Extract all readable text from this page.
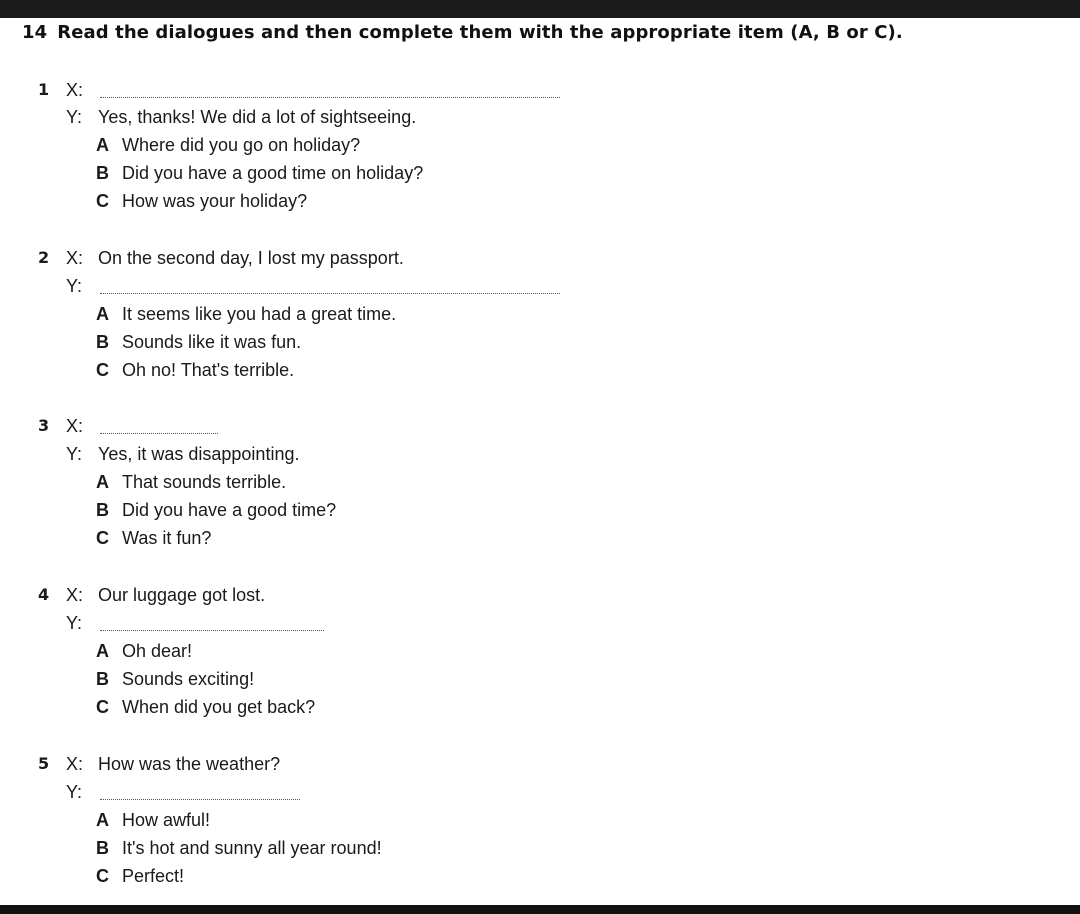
14 Read the dialogues and then complete them with the appropriate item (A, B or C).
1 X:
Y: Yes, thanks! We did a lot of sightseeing.
A Where did you go on holiday?
B Did you have a good time on holiday?
C How was your holiday?
2 X: On the second day, I lost my passport.
Y:
A It seems like you had a great time.
B Sounds like it was fun.
C Oh no! That's terrible.
3 X:
Y: Yes, it was disappointing.
A That sounds terrible.
B Did you have a good time?
C Was it fun?
4 X: Our luggage got lost.
Y:
A Oh dear!
B Sounds exciting!
C When did you get back?
5 X: How was the weather?
Y:
A How awful!
B It's hot and sunny all year round!
C Perfect!
